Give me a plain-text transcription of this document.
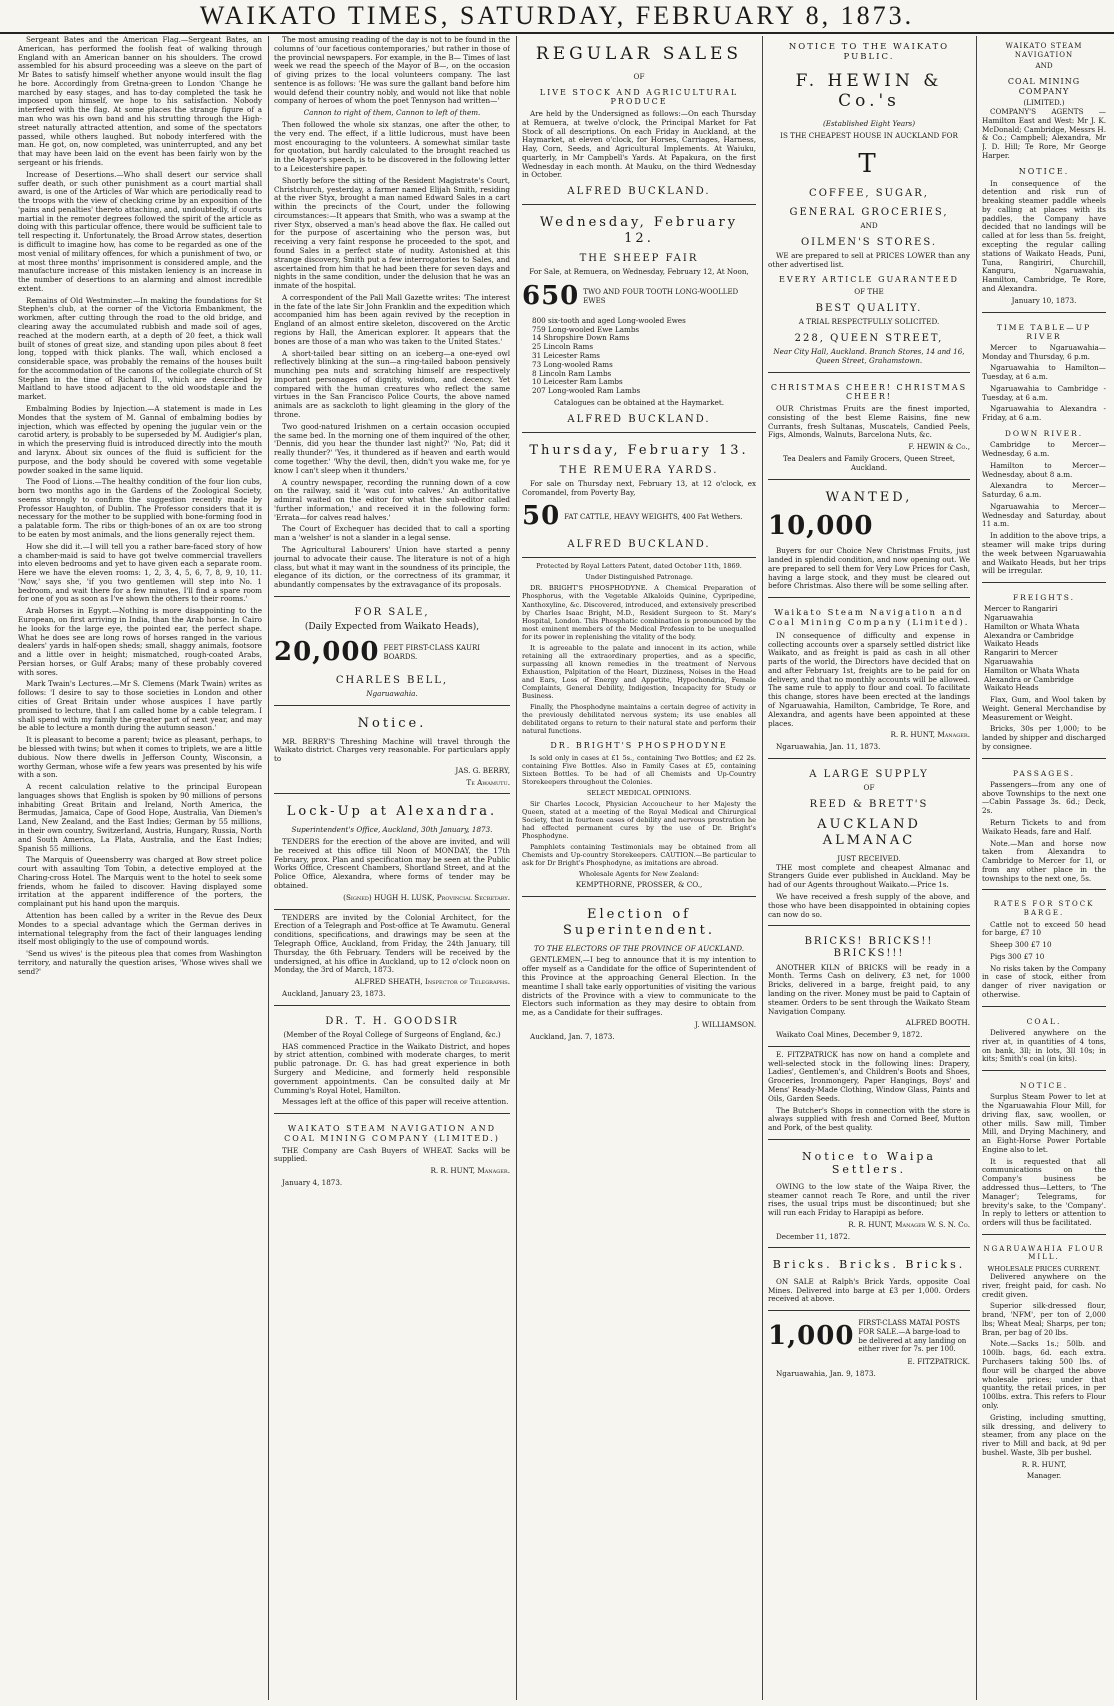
WAIKATO TIMES, SATURDAY, FEBRUARY 8, 1873.

Sergeant Bates and the American Flag.—Sergeant Bates, an American, has performed the foolish feat of walking through England with an American banner on his shoulders. The crowd assembled for his absurd proceeding was a sleeve on the part of Mr Bates to satisfy himself whether anyone would insult the flag he bore. Accordingly from Gretna-green to London 'Change he marched by easy stages, and has to-day completed the task he imposed upon himself, we hope to his satisfaction. Nobody interfered with the flag. At some places the strange figure of a man who was his own band and his strutting through the High-street naturally attracted attention, and some of the spectators passed, while others laughed. But nobody interfered with the man. He got, on, now completed, was uninterrupted, and any bet that may have been laid on the event has been fairly won by the sergeant or his friends.

Increase of Desertions.—Who shall desert our service shall suffer death, or such other punishment as a court martial shall award, is one of the Articles of War which are periodically read to the troops with the view of checking crime by an exposition of the 'pains and penalties' thereto attaching, and, undoubtedly, if courts martial in the remoter degrees followed the spirit of the article as doing with this particular offence, there would be sufficient tale to tell respecting it. Unfortunately, the Broad Arrow states, desertion is difficult to imagine how, has come to be regarded as one of the most venial of military offences, for which a punishment of two, or at most three months' imprisonment is considered ample, and the manufacture increase of this mistaken leniency is an increase in the number of desertions to an alarming and almost incredible extent.

Remains of Old Westminster.—In making the foundations for St Stephen's club, at the corner of the Victoria Embankment, the workmen, after cutting through the road to the old bridge, and clearing away the accumulated rubbish and made soil of ages, reached at the modern earth, at a depth of 20 feet, a thick wall built of stones of great size, and standing upon piles about 8 feet long, topped with thick planks. The wall, which enclosed a considerable space, was probably the remains of the houses built for the accommodation of the canons of the collegiate church of St Stephen in the time of Richard II., which are described by Maitland to have stood adjacent to the old woodstaple and the market.

Embalming Bodies by Injection.—A statement is made in Les Mondes that the system of M. Gannal of embalming bodies by injection, which was effected by opening the jugular vein or the carotid artery, is probably to be superseded by M. Audigier's plan, in which the preserving fluid is introduced directly into the mouth and larynx. About six ounces of the fluid is sufficient for the purpose, and the body should be covered with some vegetable powder soaked in the same liquid.

The Food of Lions.—The healthy condition of the four lion cubs, born two months ago in the Gardens of the Zoological Society, seems strongly to confirm the suggestion recently made by Professor Haughton, of Dublin. The Professor considers that it is necessary for the mother to be supplied with bone-forming food in a palatable form. The ribs or thigh-bones of an ox are too strong to be eaten by most animals, and the lions generally reject them.

How she did it.—I will tell you a rather bare-faced story of how a chamber-maid is said to have got twelve commercial travellers into eleven bedrooms and yet to have given each a separate room. Here we have the eleven rooms: 1, 2, 3, 4, 5, 6, 7, 8, 9, 10, 11. 'Now,' says she, 'if you two gentlemen will step into No. 1 bedroom, and wait there for a few minutes, I'll find a spare room for one of you as soon as I've shown the others to their rooms.'

Arab Horses in Egypt.—Nothing is more disappointing to the European, on first arriving in India, than the Arab horse. In Cairo he looks for the large eye, the pointed ear, the perfect shape. What he does see are long rows of horses ranged in the various dealers' yards in half-open sheds; small, shaggy animals, footsore and a little over in height; mismatched, rough-coated Arabs, Persian horses, or Gulf Arabs; many of these probably covered with sores.

Mark Twain's Lectures.—Mr S. Clemens (Mark Twain) writes as follows: 'I desire to say to those societies in London and other cities of Great Britain under whose auspices I have partly promised to lecture, that I am called home by a cable telegram. I shall spend with my family the greater part of next year, and may be able to lecture a month during the autumn season.'

It is pleasant to become a parent; twice as pleasant, perhaps, to be blessed with twins; but when it comes to triplets, we are a little dubious. Now there dwells in Jefferson County, Wisconsin, a worthy German, whose wife a few years was presented by his wife with a son.

A recent calculation relative to the principal European languages shows that English is spoken by 90 millions of persons inhabiting Great Britain and Ireland, North America, the Bermudas, Jamaica, Cape of Good Hope, Australia, Van Diemen's Land, New Zealand, and the East Indies; German by 55 millions, in their own country, Switzerland, Austria, Hungary, Russia, North and South America, La Plata, Australia, and the East Indies; Spanish 55 millions.

The Marquis of Queensberry was charged at Bow street police court with assaulting Tom Tobin, a detective employed at the Charing-cross Hotel. The Marquis went to the hotel to seek some friends, whom he failed to discover. Having displayed some irritation at the apparent indifference of the porters, the complainant put his hand upon the marquis.

Attention has been called by a writer in the Revue des Deux Mondes to a special advantage which the German derives in international telegraphy from the fact of their languages lending itself most obligingly to the use of compound words.

'Send us wives' is the piteous plea that comes from Washington territory, and naturally the question arises, 'Whose wives shall we send?'

The most amusing reading of the day is not to be found in the columns of 'our facetious contemporaries,' but rather in those of the provincial newspapers. For example, in the B— Times of last week we read the speech of the Mayor of B—, on the occasion of giving prizes to the local volunteers company. The last sentence is as follows: 'He was sure the gallant band before him would defend their country nobly, and would not like that noble company of heroes of whom the poet Tennyson had written—'

Cannon to right of them, Cannon to left of them.

Then followed the whole six stanzas, one after the other, to the very end. The effect, if a little ludicrous, must have been most encouraging to the volunteers. A somewhat similar taste for quotation, but hardly calculated to the brought reached us in the Mayor's speech, is to be discovered in the following letter to a Leicestershire paper.

Shortly before the sitting of the Resident Magistrate's Court, Christchurch, yesterday, a farmer named Elijah Smith, residing at the river Styx, brought a man named Edward Sales in a cart within the precincts of the Court, under the following circumstances:—It appears that Smith, who was a swamp at the river Styx, observed a man's head above the flax. He called out for the purpose of ascertaining who the person was, but receiving a very faint response he proceeded to the spot, and found Sales in a perfect state of nudity. Astonished at this strange discovery, Smith put a few interrogatories to Sales, and ascertained from him that he had been there for seven days and nights in the same condition, under the delusion that he was an inmate of the hospital.

A correspondent of the Pall Mall Gazette writes: 'The interest in the fate of the late Sir John Franklin and the expedition which accompanied him has been again revived by the reception in England of an almost entire skeleton, discovered on the Arctic regions by Hall, the American explorer. It appears that the bones are those of a man who was taken to the United States.'

A short-tailed bear sitting on an iceberg—a one-eyed owl reflectively blinking at the sun—a ring-tailed baboon pensively munching pea nuts and scratching himself are respectively important personages of dignity, wisdom, and decency. Yet compared with the human creatures who reflect the same virtues in the San Francisco Police Courts, the above named animals are as sackcloth to light gleaming in the glory of the throne.

Two good-natured Irishmen on a certain occasion occupied the same bed. In the morning one of them inquired of the other, 'Dennis, did you hear the thunder last night?' 'No, Pat; did it really thunder?' 'Yes, it thundered as if heaven and earth would come together.' 'Why the devil, then, didn't you wake me, for ye know I can't sleep when it thunders.'

A country newspaper, recording the running down of a cow on the railway, said it 'was cut into calves.' An authoritative admiral waited on the editor for what the sub-editor called 'further information,' and received it in the following form: 'Errata—for calves read halves.'

The Court of Exchequer has decided that to call a sporting man a 'welsher' is not a slander in a legal sense.

The Agricultural Labourers' Union have started a penny journal to advocate their cause. The literature is not of a high class, but what it may want in the soundness of its principle, the elegance of its diction, or the correctness of its grammar, it abundantly compensates by the extravagance of its proposals.

FOR SALE,
(Daily Expected from Waikato Heads),
20,000 FEET FIRST-CLASS KAURI BOARDS.
CHARLES BELL,
Ngaruawahia.
Notice.

MR. BERRY'S Threshing Machine will travel through the Waikato district. Charges very reasonable. For particulars apply to

JAS. G. BERRY,

Te Awamutu.

Lock-Up at Alexandra.

Superintendent's Office, Auckland, 30th January, 1873.

TENDERS for the erection of the above are invited, and will be received at this office till Noon of MONDAY, the 17th February, prox. Plan and specification may be seen at the Public Works Office, Crescent Chambers, Shortland Street, and at the Police Office, Alexandra, where forms of tender may be obtained.

(Signed) HUGH H. LUSK, Provincial Secretary.

TENDERS are invited by the Colonial Architect, for the Erection of a Telegraph and Post-office at Te Awamutu. General conditions, specifications, and drawings may be seen at the Telegraph Office, Auckland, from Friday, the 24th January, till Thursday, the 6th February. Tenders will be received by the undersigned, at his office in Auckland, up to 12 o'clock noon on Monday, the 3rd of March, 1873.

ALFRED SHEATH, Inspector of Telegraphs.

Auckland, January 23, 1873.

DR. T. H. GOODSIR

(Member of the Royal College of Surgeons of England, &c.)

HAS commenced Practice in the Waikato District, and hopes by strict attention, combined with moderate charges, to merit public patronage. Dr. G. has had great experience in both Surgery and Medicine, and formerly held responsible government appointments. Can be consulted daily at Mr Cumming's Royal Hotel, Hamilton.

Messages left at the office of this paper will receive attention.

WAIKATO STEAM NAVIGATION AND COAL MINING COMPANY (LIMITED.)

THE Company are Cash Buyers of WHEAT. Sacks will be supplied.

R. R. HUNT, Manager.

January 4, 1873.

REGULAR SALES
OF
LIVE STOCK AND AGRICULTURAL PRODUCE

Are held by the Undersigned as follows:—On each Thursday at Remuera, at twelve o'clock, the Principal Market for Fat Stock of all descriptions. On each Friday in Auckland, at the Haymarket, at eleven o'clock, for Horses, Carriages, Harness, Hay, Corn, Seeds, and Agricultural Implements. At Waiuku, quarterly, in Mr Campbell's Yards. At Papakura, on the first Wednesday in each month. At Mauku, on the third Wednesday in October.

ALFRED BUCKLAND.
Wednesday, February 12.
THE SHEEP FAIR

For Sale, at Remuera, on Wednesday, February 12, At Noon,

650 TWO AND FOUR TOOTH LONG-WOOLLED EWES
800 six-tooth and aged Long-wooled Ewes
759 Long-wooled Ewe Lambs
14 Shropshire Down Rams
25 Lincoln Rams
31 Leicester Rams
73 Long-wooled Rams
8 Lincoln Ram Lambs
10 Leicester Ram Lambs
207 Long-wooled Ram Lambs

Catalogues can be obtained at the Haymarket.

ALFRED BUCKLAND.
Thursday, February 13.
THE REMUERA YARDS.

For sale on Thursday next, February 13, at 12 o'clock, ex Coromandel, from Poverty Bay,

50 FAT CATTLE, HEAVY WEIGHTS, 400 Fat Wethers.
ALFRED BUCKLAND.

Protected by Royal Letters Patent, dated October 11th, 1869.

Under Distinguished Patronage.

DR. BRIGHT'S PHOSPHODYNE. A Chemical Preparation of Phosphorus, with the Vegetable Alkaloids Quinine, Cypripedine, Xanthoxyline, &c. Discovered, introduced, and extensively prescribed by Charles Isaac Bright, M.D., Resident Surgeon to St. Mary's Hospital, London. This Phosphatic combination is pronounced by the most eminent members of the Medical Profession to be unequalled for its power in replenishing the vitality of the body.

It is agreeable to the palate and innocent in its action, while retaining all the extraordinary properties, and as a specific, surpassing all known remedies in the treatment of Nervous Exhaustion, Palpitation of the Heart, Dizziness, Noises in the Head and Ears, Loss of Energy and Appetite, Hypochondria, Female Complaints, General Debility, Indigestion, Incapacity for Study or Business.

Finally, the Phosphodyne maintains a certain degree of activity in the previously debilitated nervous system; its use enables all debilitated organs to return to their natural state and perform their natural functions.

DR. BRIGHT'S PHOSPHODYNE

Is sold only in cases at £1 5s., containing Two Bottles; and £2 2s. containing Five Bottles. Also in Family Cases at £5, containing Sixteen Bottles. To be had of all Chemists and Up-Country Storekeepers throughout the Colonies.

SELECT MEDICAL OPINIONS.

Sir Charles Locock, Physician Accoucheur to her Majesty the Queen, stated at a meeting of the Royal Medical and Chirurgical Society, that in fourteen cases of debility and nervous prostration he had effected permanent cures by the use of Dr. Bright's Phosphodyne.

Pamphlets containing Testimonials may be obtained from all Chemists and Up-country Storekeepers. CAUTION.—Be particular to ask for Dr Bright's Phosphodyne, as imitations are abroad.

Wholesale Agents for New Zealand:

KEMPTHORNE, PROSSER, & CO.,

Election of Superintendent.

TO THE ELECTORS OF THE PROVINCE OF AUCKLAND.

GENTLEMEN,—I beg to announce that it is my intention to offer myself as a Candidate for the office of Superintendent of this Province at the approaching General Election. In the meantime I shall take early opportunities of visiting the various districts of the Province with a view to communicate to the Electors such information as they may desire to obtain from me, as a Candidate for their suffrages.

J. WILLIAMSON.

Auckland, Jan. 7, 1873.

NOTICE TO THE WAIKATO PUBLIC.
F. HEWIN & Co.'s

(Established Eight Years)

IS THE CHEAPEST HOUSE IN AUCKLAND FOR

T
COFFEE, SUGAR,
GENERAL GROCERIES,
AND
OILMEN'S STORES.

WE are prepared to sell at PRICES LOWER than any other advertised list.

EVERY ARTICLE GUARANTEED
OF THE
BEST QUALITY.

A TRIAL RESPECTFULLY SOLICITED.

228, QUEEN STREET,

Near City Hall, Auckland. Branch Stores, 14 and 16, Queen Street, Grahamstown.

CHRISTMAS CHEER! CHRISTMAS CHEER!

OUR Christmas Fruits are the finest imported, consisting of the best Eleme Raisins, fine new Currants, fresh Sultanas, Muscatels, Candied Peels, Figs, Almonds, Walnuts, Barcelona Nuts, &c.

F. HEWIN & Co.,

Tea Dealers and Family Grocers, Queen Street, Auckland.

WANTED,
10,000

Buyers for our Choice New Christmas Fruits, just landed in splendid condition, and now opening out. We are prepared to sell them for Very Low Prices for Cash, having a large stock, and they must be cleared out before Christmas. Also there will be some selling after.

Waikato Steam Navigation and Coal Mining Company (Limited).

IN consequence of difficulty and expense in collecting accounts over a sparsely settled district like Waikato, and as freight is paid as cash in all other parts of the world, the Directors have decided that on and after February 1st, freights are to be paid for on delivery, and that no monthly accounts will be allowed. The same rule to apply to flour and coal. To facilitate this change, stores have been erected at the landings of Ngaruawahia, Hamilton, Cambridge, Te Rore, and Alexandra, and agents have been appointed at these places.

R. R. HUNT, Manager.

Ngaruawahia, Jan. 11, 1873.

A LARGE SUPPLY
OF
REED & BRETT'S
AUCKLAND ALMANAC
JUST RECEIVED.

THE most complete and cheapest Almanac and Strangers Guide ever published in Auckland. May be had of our Agents throughout Waikato.—Price 1s.

We have received a fresh supply of the above, and those who have been disappointed in obtaining copies can now do so.

BRICKS! BRICKS!! BRICKS!!!

ANOTHER KILN of BRICKS will be ready in a Month. Terms Cash on delivery, £3 net, for 1000 Bricks, delivered in a barge, freight paid, to any landing on the river. Money must be paid to Captain of steamer. Orders to be sent through the Waikato Steam Navigation Company.

ALFRED BOOTH.

Waikato Coal Mines, December 9, 1872.

E. FITZPATRICK has now on hand a complete and well-selected stock in the following lines: Drapery, Ladies', Gentlemen's, and Children's Boots and Shoes, Groceries, Ironmongery, Paper Hangings, Boys' and Mens' Ready-Made Clothing, Window Glass, Paints and Oils, Garden Seeds.

The Butcher's Shops in connection with the store is always supplied with fresh and Corned Beef, Mutton and Pork, of the best quality.

Notice to Waipa Settlers.

OWING to the low state of the Waipa River, the steamer cannot reach Te Rore, and until the river rises, the usual trips must be discontinued; but she will run each Friday to Harapipi as before.

R. R. HUNT, Manager W. S. N. Co.

December 11, 1872.

Bricks. Bricks. Bricks.

ON SALE at Ralph's Brick Yards, opposite Coal Mines. Delivered into barge at £3 per 1,000. Orders received at above.

1,000 FIRST-CLASS MATAI POSTS FOR SALE.—A barge-load to be delivered at any landing on either river for 7s. per 100.

E. FITZPATRICK.

Ngaruawahia, Jan. 9, 1873.

WAIKATO STEAM NAVIGATION
AND
COAL MINING COMPANY
(LIMITED.)

COMPANY'S AGENTS —Hamilton East and West: Mr J. K. McDonald; Cambridge, Messrs H. & Co.; Campbell; Alexandra, Mr J. D. Hill; Te Rore, Mr George Harper.

NOTICE.

In consequence of the detention and risk run of breaking steamer paddle wheels by calling at places with its paddles, the Company have decided that no landings will be called at for less than 5s. freight, excepting the regular calling stations of Waikato Heads, Puni, Tuna, Rangiriri, Churchill, Kanguru, Ngaruawahia, Hamilton, Cambridge, Te Rore, and Alexandra.

January 10, 1873.

TIME TABLE—UP RIVER

Mercer to Ngaruawahia—Monday and Thursday, 6 p.m.

Ngaruawahia to Hamilton—Tuesday, at 6 a.m.

Ngaruawahia to Cambridge - Tuesday, at 6 a.m.

Ngaruawahia to Alexandra - Friday, at 6 a.m.

DOWN RIVER.

Cambridge to Mercer—Wednesday, 6 a.m.

Hamilton to Mercer—Wednesday, about 8 a.m.

Alexandra to Mercer—Saturday, 6 a.m.

Ngaruawahia to Mercer—Wednesday and Saturday, about 11 a.m.

In addition to the above trips, a steamer will make trips during the week between Ngaruawahia and Waikato Heads, but her trips will be irregular.

FREIGHTS.
Mercer to Rangariri
Ngaruawahia
Hamilton or Whata Whata
Alexandra or Cambridge
Waikato Heads
Rangariri to Mercer
Ngaruawahia
Hamilton or Whata Whata
Alexandra or Cambridge
Waikato Heads

Flax, Gum, and Wool taken by Weight. General Merchandise by Measurement or Weight.

Bricks, 30s per 1,000; to be landed by shipper and discharged by consignee.

PASSAGES.

Passengers—from any one of above Townships to the next one—Cabin Passage 3s. 6d.; Deck, 2s.

Return Tickets to and from Waikato Heads, fare and Half.

Note.—Man and horse now taken from Alexandra to Cambridge to Mercer for 1l, or from any other place in the townships to the next one, 5s.

RATES FOR STOCK BARGE.

Cattle not to exceed 50 head for barge, £7 10

Sheep 300 £7 10

Pigs 300 £7 10

No risks taken by the Company in case of stock, either from danger of river navigation or otherwise.

COAL.

Delivered anywhere on the river at, in quantities of 4 tons, on bank, 3ll; in lots, 3ll 10s; in kits; Smith's coal (in kits).

NOTICE.

Surplus Steam Power to let at the Ngaruawahia Flour Mill, for driving flax, saw, woollen, or other mills. Saw mill, Timber Mill, and Drying Machinery, and an Eight-Horse Power Portable Engine also to let.

It is requested that all communications on the Company's business be addressed thus—Letters, to 'The Manager'; Telegrams, for brevity's sake, to the 'Company'. In reply to letters or attention to orders will thus be facilitated.

NGARUAWAHIA FLOUR MILL.
WHOLESALE PRICES CURRENT.

Delivered anywhere on the river, freight paid, for cash. No credit given.

Superior silk-dressed flour, brand, 'NFM', per ton of 2,000 lbs; Wheat Meal; Sharps, per ton; Bran, per bag of 20 lbs.

Note.—Sacks 1s.; 50lb. and 100lb. bags, 6d. each extra. Purchasers taking 500 lbs. of flour will be charged the above wholesale prices; under that quantity, the retail prices, in per 100lbs. extra. This refers to Flour only.

Gristing, including smutting, silk dressing, and delivery to steamer, from any place on the river to Mill and back, at 9d per bushel. Waste, 3lb per bushel.

R. R. HUNT,

Manager.
